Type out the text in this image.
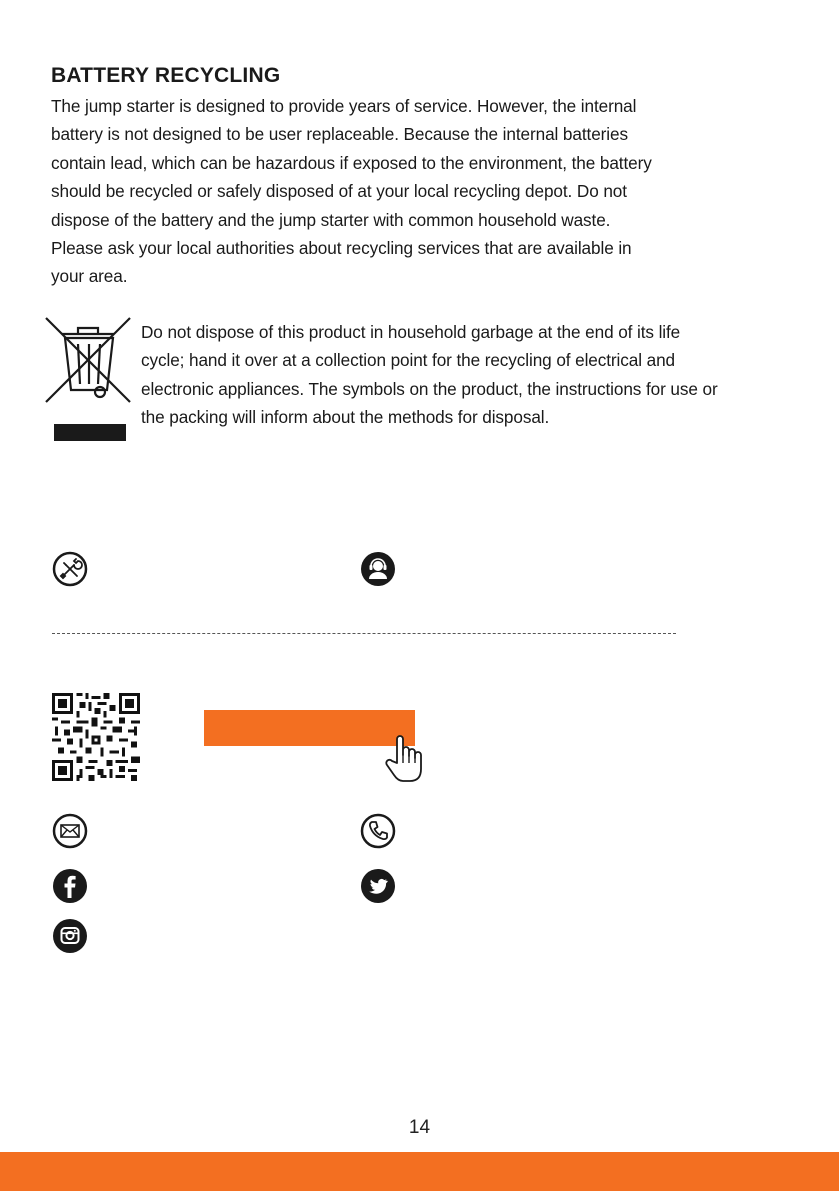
BATTERY RECYCLING
The jump starter is designed to provide years of service. However, the internal
battery is not designed to be user replaceable. Because the internal batteries
contain lead, which can be hazardous if exposed to the environment, the battery
should be recycled or safely disposed of at your local recycling depot. Do not
dispose of the battery and the jump starter with common household waste.
Please ask your local authorities about recycling services that are available in
your area.
Do not dispose of this product in household garbage at the end of its life
cycle; hand it over at a collection point for the recycling of electrical and
electronic appliances. The symbols on the product, the instructions for use or
the packing will inform about the methods for disposal.
14
